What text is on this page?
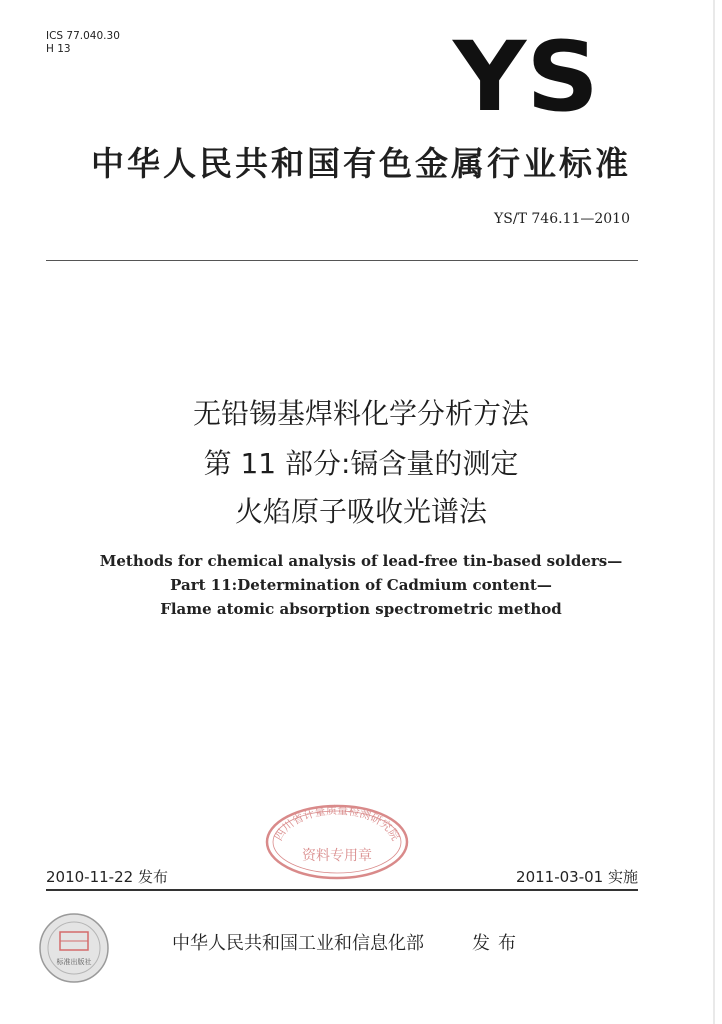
ICS 77.040.30
H 13	YS
中华人民共和国有色金属行业标准
YS/T 746.11—2010
无铅锡基焊料化学分析方法
第 11 部分:镉含量的测定
火焰原子吸收光谱法
Methods for chemical analysis of lead-free tin-based solders—
Part 11:Determination of Cadmium content—
Flame atomic absorption spectrometric method
四川省计量质量检测研究院
资料专用章
2010-11-22 发布	2011-03-01 实施
标准出版社
中华人民共和国工业和信息化部	发布
